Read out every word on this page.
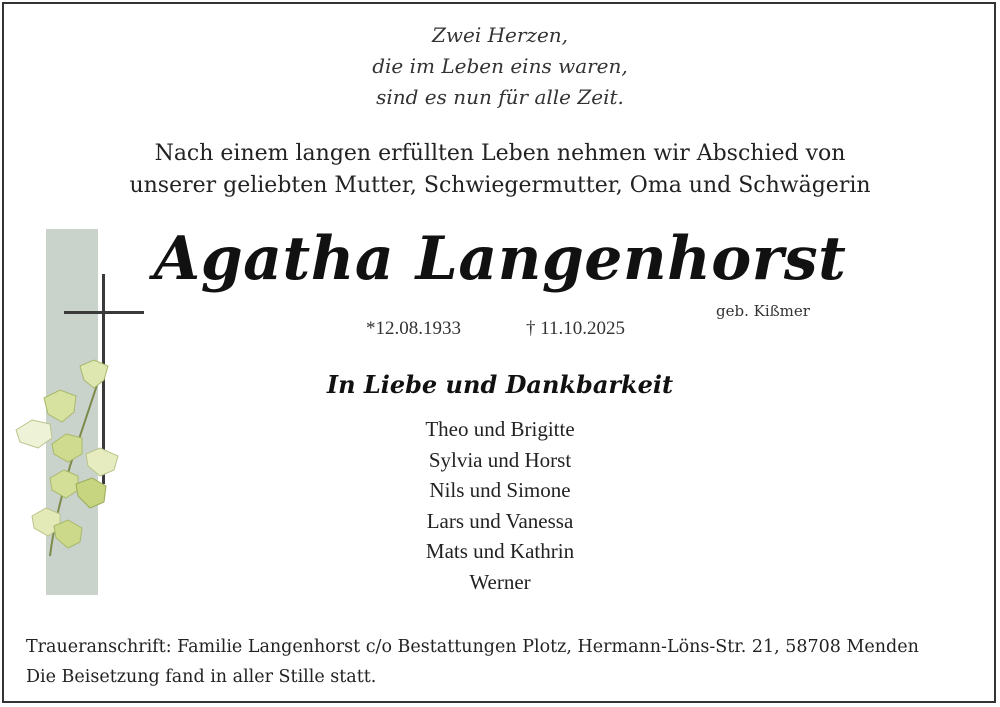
Zwei Herzen,
die im Leben eins waren,
sind es nun für alle Zeit.
Nach einem langen erfüllten Leben nehmen wir Abschied von
unserer geliebten Mutter, Schwiegermutter, Oma und Schwägerin
Agatha Langenhorst
geb. Kißmer
*12.08.1933	† 11.10.2025
In Liebe und Dankbarkeit
Theo und Brigitte
Sylvia und Horst
Nils und Simone
Lars und Vanessa
Mats und Kathrin
Werner
Traueranschrift: Familie Langenhorst c/o Bestattungen Plotz, Hermann-Löns-Str. 21, 58708 Menden
Die Beisetzung fand in aller Stille statt.
